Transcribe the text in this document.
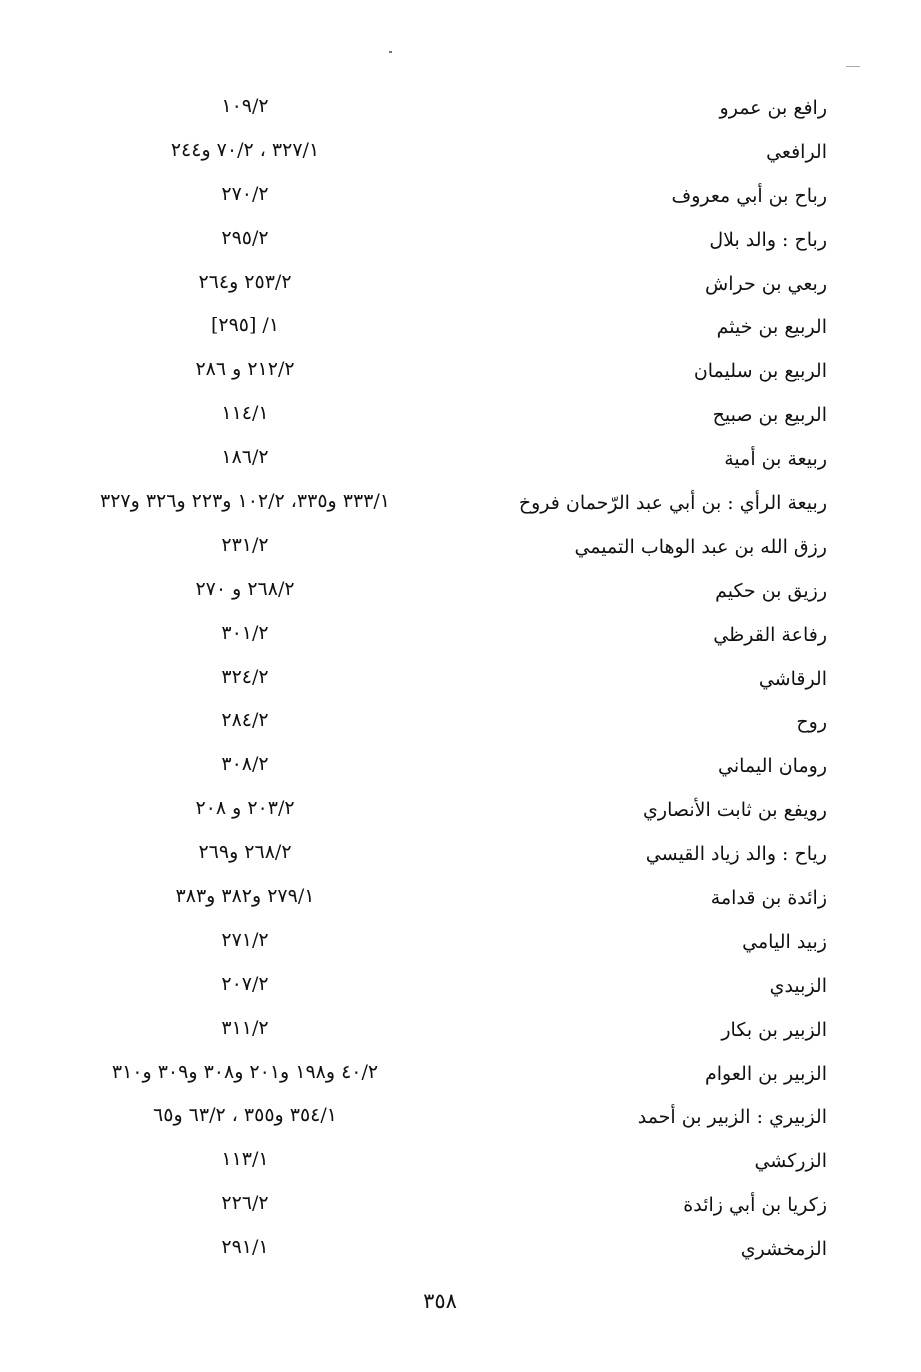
رافع بن عمرو
١٠٩/٢
الرافعي
٣٢٧/١ ، ٧٠/٢ و٢٤٤
رباح بن أبي معروف
٢٧٠/٢
رباح : والد بلال
٢٩٥/٢
ربعي بن حراش
٢٥٣/٢ و٢٦٤
الربيع بن خيثم
١/ [٢٩٥]
الربيع بن سليمان
٢١٢/٢ و ٢٨٦
الربيع بن صبيح
١١٤/١
ربيعة بن أمية
١٨٦/٢
ربيعة الرأي : بن أبي عبد الرّحمان فروخ
٣٣٣/١ و٣٣٥، ١٠٢/٢ و٢٢٣ و٣٢٦ و٣٢٧
رزق الله بن عبد الوهاب التميمي
٢٣١/٢
رزيق بن حكيم
٢٦٨/٢ و ٢٧٠
رفاعة القرظي
٣٠١/٢
الرقاشي
٣٢٤/٢
روح
٢٨٤/٢
رومان اليماني
٣٠٨/٢
رويفع بن ثابت الأنصاري
٢٠٣/٢ و ٢٠٨
رياح : والد زياد القيسي
٢٦٨/٢ و٢٦٩
زائدة بن قدامة
٢٧٩/١ و٣٨٢ و٣٨٣
زبيد اليامي
٢٧١/٢
الزبيدي
٢٠٧/٢
الزبير بن بكار
٣١١/٢
الزبير بن العوام
٤٠/٢ و١٩٨ و٢٠١ و٣٠٨ و٣٠٩ و٣١٠
الزبيري : الزبير بن أحمد
٣٥٤/١ و٣٥٥ ، ٦٣/٢ و٦٥
الزركشي
١١٣/١
زكريا بن أبي زائدة
٢٢٦/٢
الزمخشري
٢٩١/١
٣٥٨
